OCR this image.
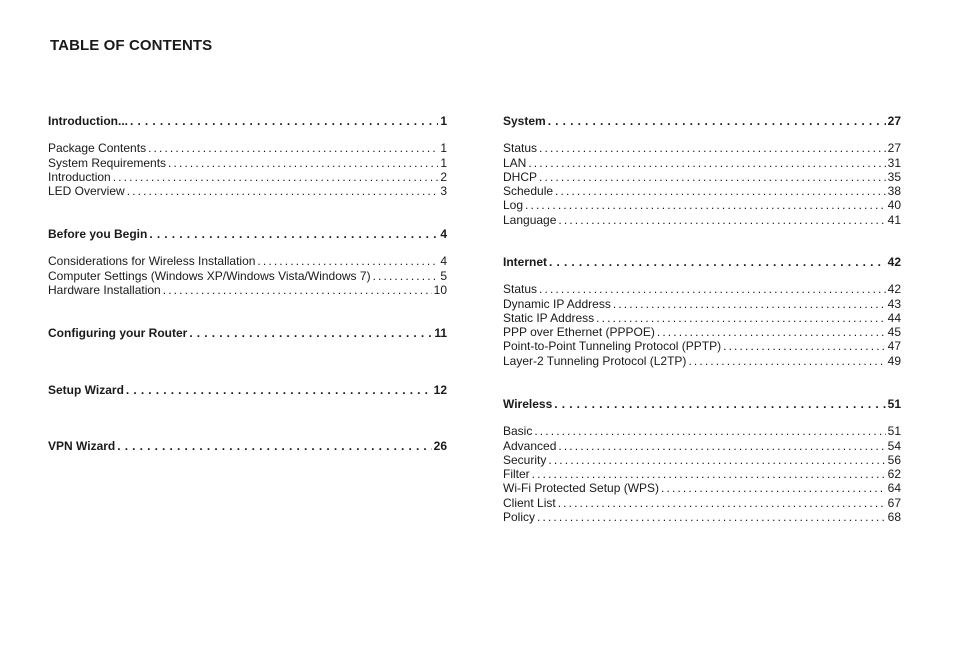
TABLE OF CONTENTS
Introduction... . . .	1
Package Contents . . .	1
System Requirements . . .	1
Introduction . . .	2
LED Overview . . .	3
Before you Begin . . .	4
Considerations for Wireless Installation . . .	4
Computer Settings (Windows XP/Windows Vista/Windows 7) . . .	5
Hardware Installation . . .	10
Configuring your Router . . .	11
Setup Wizard . . .	12
VPN Wizard . . .	26
System . . .	27
Status . . .	27
LAN . . .	31
DHCP . . .	35
Schedule . . .	38
Log . . .	40
Language . . .	41
Internet . . .	42
Status . . .	42
Dynamic IP Address . . .	43
Static IP Address . . .	44
PPP over Ethernet (PPPOE) . . .	45
Point-to-Point Tunneling Protocol (PPTP) . . .	47
Layer-2 Tunneling Protocol (L2TP) . . .	49
Wireless . . .	51
Basic . . .	51
Advanced . . .	54
Security . . .	56
Filter . . .	62
Wi-Fi Protected Setup (WPS) . . .	64
Client List . . .	67
Policy . . .	68
